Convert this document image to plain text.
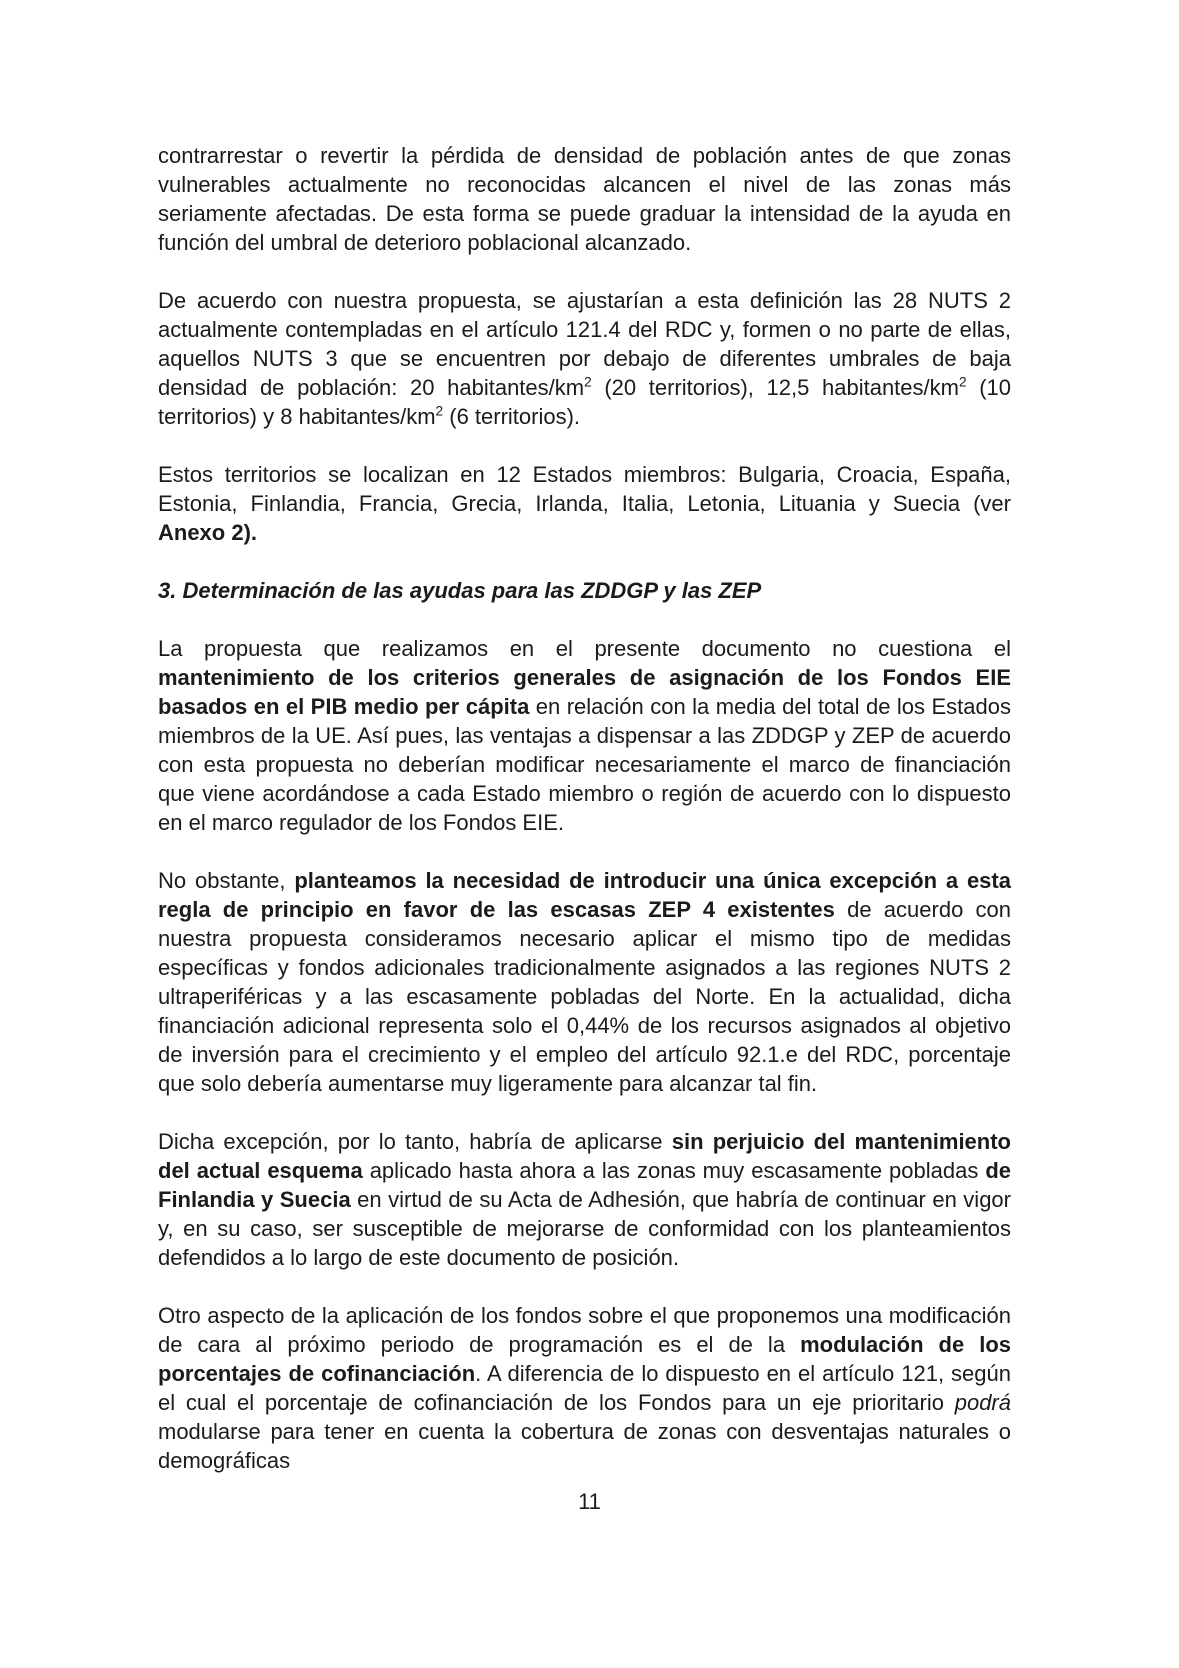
contrarrestar o revertir la pérdida de densidad de población antes de que zonas vulnerables actualmente no reconocidas alcancen el nivel de las zonas más seriamente afectadas. De esta forma se puede graduar la intensidad de la ayuda en función del umbral de deterioro poblacional alcanzado.

De acuerdo con nuestra propuesta, se ajustarían a esta definición las 28 NUTS 2 actualmente contempladas en el artículo 121.4 del RDC y, formen o no parte de ellas, aquellos NUTS 3 que se encuentren por debajo de diferentes umbrales de baja densidad de población: 20 habitantes/$km^2$ (20 territorios), 12,5 habitantes/$km^2$ (10 territorios) y 8 habitantes/$km^2$ (6 territorios).

Estos territorios se localizan en 12 Estados miembros: Bulgaria, Croacia, España, Estonia, Finlandia, Francia, Grecia, Irlanda, Italia, Letonia, Lituania y Suecia (ver Anexo 2).

3. Determinación de las ayudas para las ZDDGP y las ZEP

La propuesta que realizamos en el presente documento no cuestiona el mantenimiento de los criterios generales de asignación de los Fondos EIE basados en el PIB medio per cápita en relación con la media del total de los Estados miembros de la UE. Así pues, las ventajas a dispensar a las ZDDGP y ZEP de acuerdo con esta propuesta no deberían modificar necesariamente el marco de financiación que viene acordándose a cada Estado miembro o región de acuerdo con lo dispuesto en el marco regulador de los Fondos EIE.

No obstante, planteamos la necesidad de introducir una única excepción a esta regla de principio en favor de las escasas ZEP 4 existentes de acuerdo con nuestra propuesta consideramos necesario aplicar el mismo tipo de medidas específicas y fondos adicionales tradicionalmente asignados a las regiones NUTS 2 ultraperiféricas y a las escasamente pobladas del Norte. En la actualidad, dicha financiación adicional representa solo el 0,44% de los recursos asignados al objetivo de inversión para el crecimiento y el empleo del artículo 92.1.e del RDC, porcentaje que solo debería aumentarse muy ligeramente para alcanzar tal fin.

Dicha excepción, por lo tanto, habría de aplicarse sin perjuicio del mantenimiento del actual esquema aplicado hasta ahora a las zonas muy escasamente pobladas de Finlandia y Suecia en virtud de su Acta de Adhesión, que habría de continuar en vigor y, en su caso, ser susceptible de mejorarse de conformidad con los planteamientos defendidos a lo largo de este documento de posición.

Otro aspecto de la aplicación de los fondos sobre el que proponemos una modificación de cara al próximo periodo de programación es el de la modulación de los porcentajes de cofinanciación. A diferencia de lo dispuesto en el artículo 121, según el cual el porcentaje de cofinanciación de los Fondos para un eje prioritario podrá modularse para tener en cuenta la cobertura de zonas con desventajas naturales o demográficas

11
